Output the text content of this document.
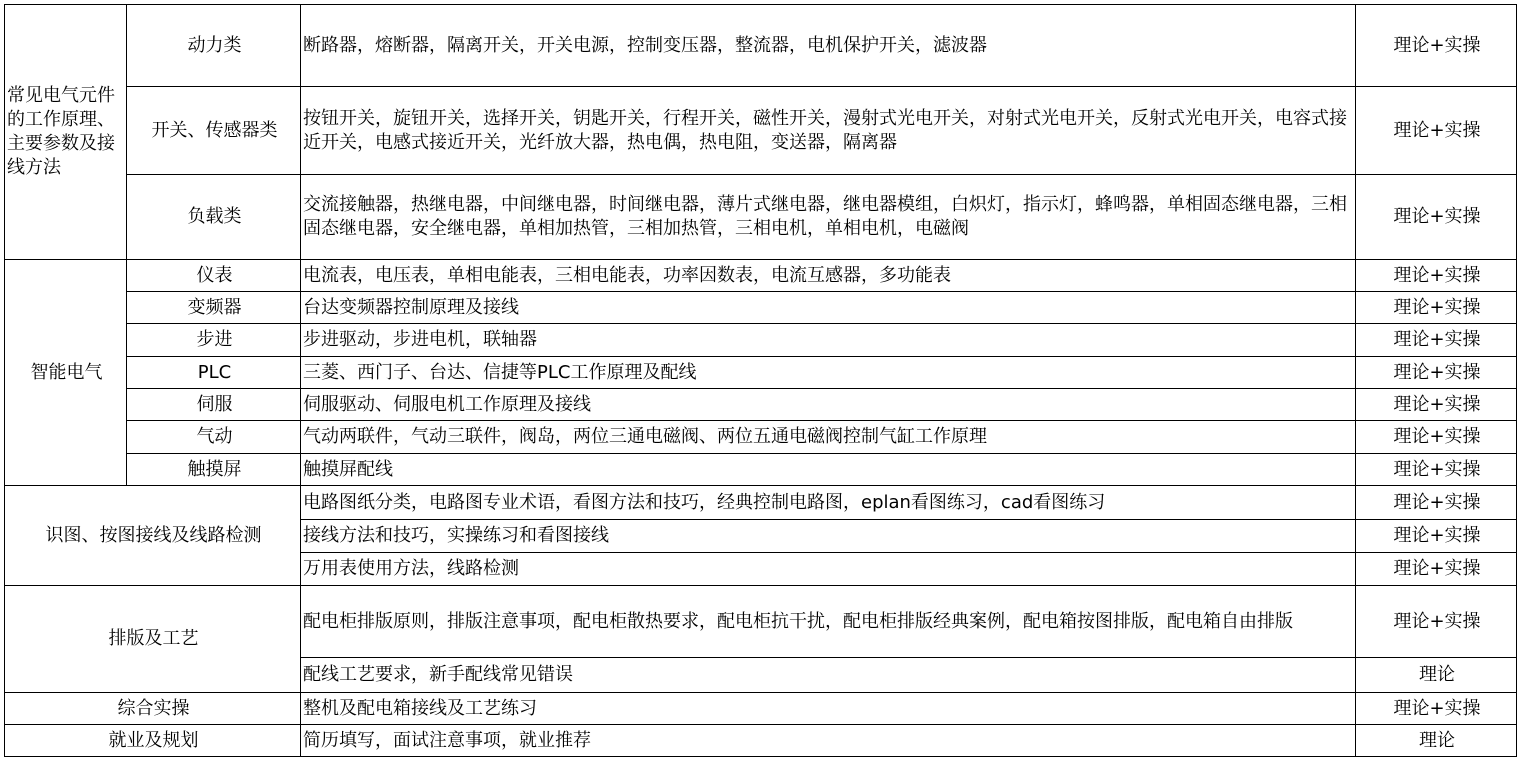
常见电气元件的工作原理、主要参数及接线方法	动力类	断路器，熔断器，隔离开关，开关电源，控制变压器，整流器，电机保护开关，滤波器	理论+实操
	开关、传感器类	按钮开关，旋钮开关，选择开关，钥匙开关，行程开关，磁性开关，漫射式光电开关，对射式光电开关，反射式光电开关，电容式接近开关，电感式接近开关，光纤放大器，热电偶，热电阻，变送器，隔离器	理论+实操
	负载类	交流接触器，热继电器，中间继电器，时间继电器，薄片式继电器，继电器模组，白炽灯，指示灯，蜂鸣器，单相固态继电器，三相固态继电器，安全继电器，单相加热管，三相加热管，三相电机，单相电机，电磁阀	理论+实操
智能电气	仪表	电流表，电压表，单相电能表，三相电能表，功率因数表，电流互感器，多功能表	理论+实操
	变频器	台达变频器控制原理及接线	理论+实操
	步进	步进驱动，步进电机，联轴器	理论+实操
	PLC	三菱、西门子、台达、信捷等PLC工作原理及配线	理论+实操
	伺服	伺服驱动、伺服电机工作原理及接线	理论+实操
	气动	气动两联件，气动三联件，阀岛，两位三通电磁阀、两位五通电磁阀控制气缸工作原理	理论+实操
	触摸屏	触摸屏配线	理论+实操
识图、按图接线及线路检测		电路图纸分类，电路图专业术语，看图方法和技巧，经典控制电路图，eplan看图练习，cad看图练习	理论+实操
		接线方法和技巧，实操练习和看图接线	理论+实操
		万用表使用方法，线路检测	理论+实操
排版及工艺		配电柜排版原则，排版注意事项，配电柜散热要求，配电柜抗干扰，配电柜排版经典案例，配电箱按图排版，配电箱自由排版	理论+实操
		配线工艺要求，新手配线常见错误	理论
综合实操		整机及配电箱接线及工艺练习	理论+实操
就业及规划		简历填写，面试注意事项，就业推荐	理论
